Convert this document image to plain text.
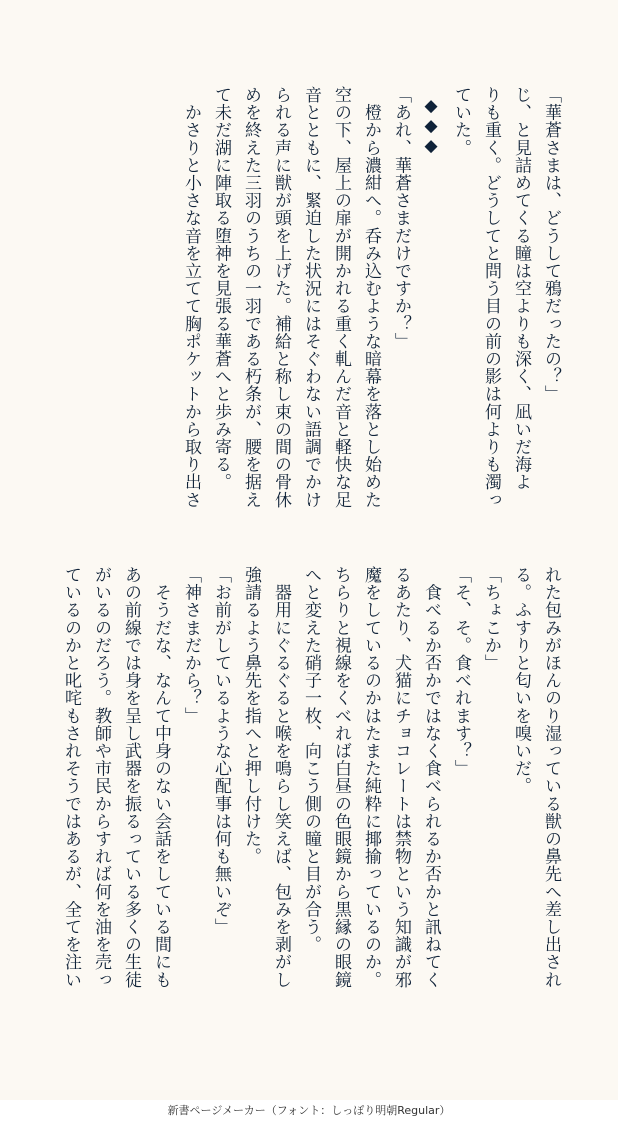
「華蒼さまは、どうして鴉だったの？」
じ、と見詰めてくる瞳は空よりも深く、凪いだ海よ
りも重く。どうしてと問う目の前の影は何よりも濁っ
ていた。
◆◆◆
「あれ、華蒼さまだけですか？」
　橙から濃紺へ。呑み込むような暗幕を落とし始めた
空の下、屋上の扉が開かれる重く軋んだ音と軽快な足
音とともに、緊迫した状況にはそぐわない語調でかけ
られる声に獣が頭を上げた。補給と称し束の間の骨休
めを終えた三羽のうちの一羽である朽条が、腰を据え
て未だ湖に陣取る堕神を見張る華蒼へと歩み寄る。
　かさりと小さな音を立てて胸ポケットから取り出さ
れた包みがほんのり湿っている獣の鼻先へ差し出され
る。ふすりと匂いを嗅いだ。
「ちょこか」
「そ、そ。食べれます？」
　食べるか否かではなく食べられるか否かと訊ねてく
るあたり、犬猫にチョコレートは禁物という知識が邪
魔をしているのかはたまた純粋に揶揄っているのか。
ちらりと視線をくべれば白昼の色眼鏡から黒縁の眼鏡
へと変えた硝子一枚、向こう側の瞳と目が合う。
　器用にぐるぐると喉を鳴らし笑えば、包みを剥がし
強請るよう鼻先を指へと押し付けた。
「お前がしているような心配事は何も無いぞ」
「神さまだから？」
　そうだな、なんて中身のない会話をしている間にも
あの前線では身を呈し武器を振るっている多くの生徒
がいるのだろう。教師や市民からすれば何を油を売っ
ているのかと叱咤もされそうではあるが、全てを注い
新書ページメーカー（フォント：しっぽり明朝Regular）
